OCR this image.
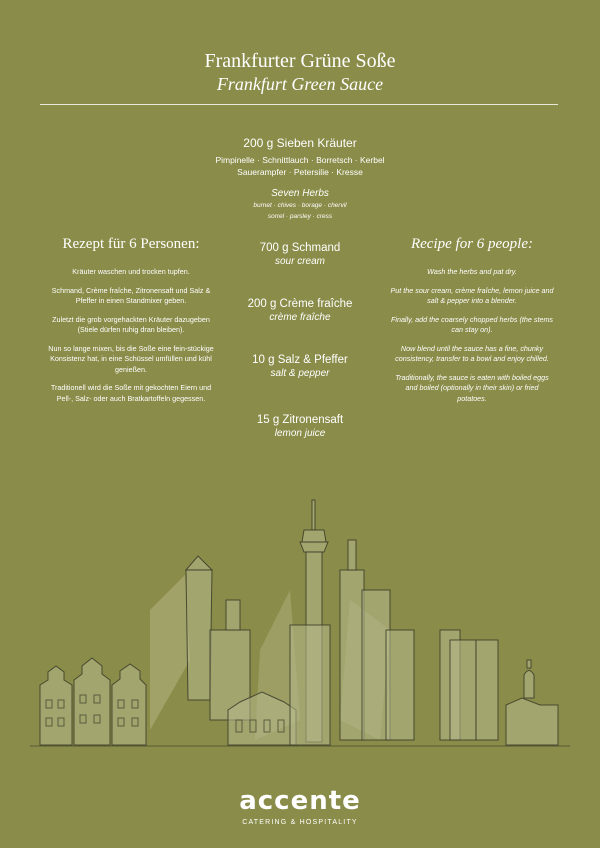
Frankfurter Grüne Soße
Frankfurt Green Sauce
200 g Sieben Kräuter
Pimpinelle · Schnittlauch · Borretsch · Kerbel
Sauerampfer · Petersilie · Kresse
Seven Herbs
burnet · chives · borage · chervil
sorrel · parsley · cress
Rezept für 6 Personen:
Kräuter waschen und trocken tupfen.
Schmand, Crème fraîche, Zitronensaft und Salz & Pfeffer in einen Standmixer geben.
Zuletzt die grob vorgehackten Kräuter dazugeben (Stiele dürfen ruhig dran bleiben).
Nun so lange mixen, bis die Soße eine fein-stückige Konsistenz hat, in eine Schüssel umfüllen und kühl genießen.
Traditionell wird die Soße mit gekochten Eiern und Pell-, Salz- oder auch Bratkartoffeln gegessen.
700 g Schmand
sour cream
200 g Crème fraîche
crème fraîche
10 g Salz & Pfeffer
salt & pepper
15 g Zitronensaft
lemon juice
Recipe for 6 people:
Wash the herbs and pat dry.
Put the sour cream, crème fraîche, lemon juice and salt & pepper into a blender.
Finally, add the coarsely chopped herbs (the stems can stay on).
Now blend until the sauce has a fine, chunky consistency, transfer to a bowl and enjoy chilled.
Traditionally, the sauce is eaten with boiled eggs and boiled (optionally in their skin) or fried potatoes.
accente
CATERING & HOSPITALITY
